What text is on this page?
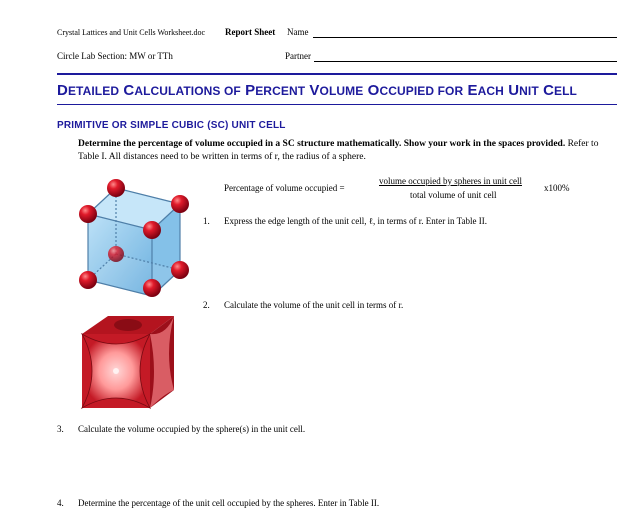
Crystal Lattices and Unit Cells Worksheet.doc Report Sheet Name
Circle Lab Section: MW or TTh	Partner
DETAILED CALCULATIONS OF PERCENT VOLUME OCCUPIED FOR EACH UNIT CELL
PRIMITIVE OR SIMPLE CUBIC (SC) UNIT CELL
Determine the percentage of volume occupied in a SC structure mathematically. Show your work in the spaces provided. Refer to Table I. All distances need to be written in terms of r, the radius of a sphere.
Percentage of volume occupied =
volume occupied by spheres in unit cell
total volume of unit cell
x100%
1. Express the edge length of the unit cell, ℓ, in terms of r. Enter in Table II.
2. Calculate the volume of the unit cell in terms of r.
3. Calculate the volume occupied by the sphere(s) in the unit cell.
4. Determine the percentage of the unit cell occupied by the spheres. Enter in Table II.
